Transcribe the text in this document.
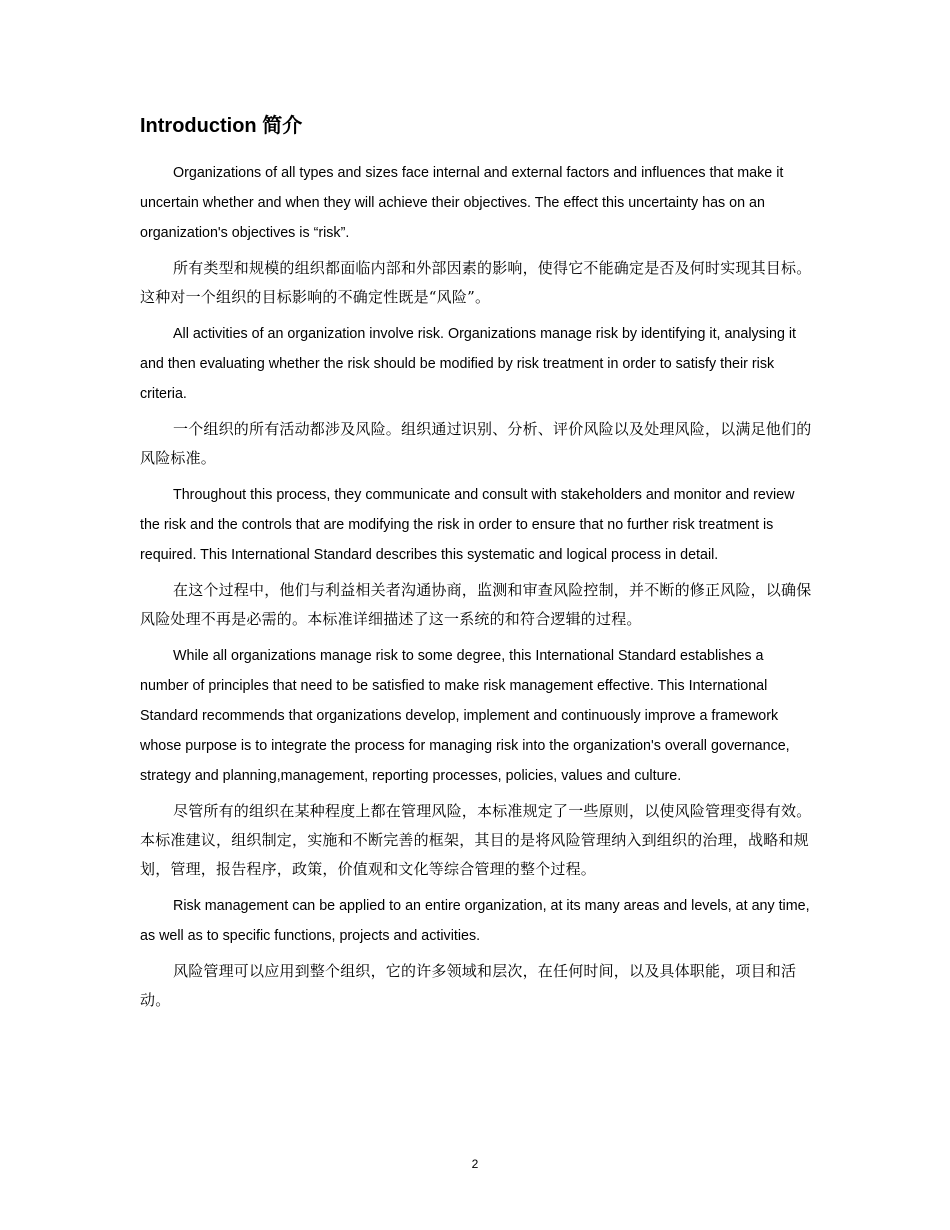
Introduction 简介

Organizations of all types and sizes face internal and external factors and influences that make it uncertain whether and when they will achieve their objectives. The effect this uncertainty has on an organization's objectives is “risk”.

所有类型和规模的组织都面临内部和外部因素的影响，使得它不能确定是否及何时实现其目标。这种对一个组织的目标影响的不确定性既是“风险”。

All activities of an organization involve risk. Organizations manage risk by identifying it, analysing it and then evaluating whether the risk should be modified by risk treatment in order to satisfy their risk criteria.

一个组织的所有活动都涉及风险。组织通过识别、分析、评价风险以及处理风险，以满足他们的风险标准。

Throughout this process, they communicate and consult with stakeholders and monitor and review the risk and the controls that are modifying the risk in order to ensure that no further risk treatment is required. This International Standard describes this systematic and logical process in detail.

在这个过程中，他们与利益相关者沟通协商，监测和审查风险控制，并不断的修正风险，以确保风险处理不再是必需的。本标准详细描述了这一系统的和符合逻辑的过程。

While all organizations manage risk to some degree, this International Standard establishes a number of principles that need to be satisfied to make risk management effective. This International Standard recommends that organizations develop, implement and continuously improve a framework whose purpose is to integrate the process for managing risk into the organization's overall governance, strategy and planning,management, reporting processes, policies, values and culture.

尽管所有的组织在某种程度上都在管理风险，本标准规定了一些原则，以使风险管理变得有效。本标准建议，组织制定，实施和不断完善的框架，其目的是将风险管理纳入到组织的治理，战略和规划，管理，报告程序，政策，价值观和文化等综合管理的整个过程。

Risk management can be applied to an entire organization, at its many areas and levels, at any time, as well as to specific functions, projects and activities.

风险管理可以应用到整个组织，它的许多领域和层次，在任何时间，以及具体职能，项目和活动。

2
